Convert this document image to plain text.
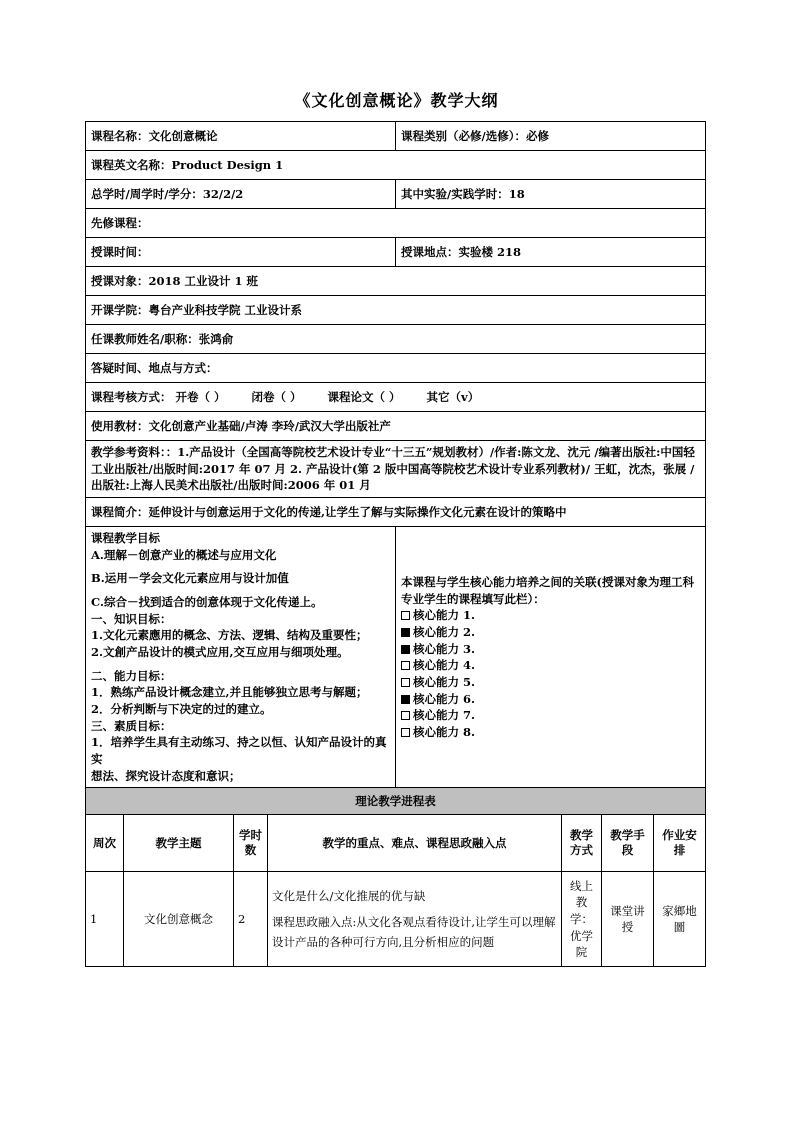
《文化创意概论》教学大纲
课程名称：文化创意概论	课程类别（必修/选修）：必修
课程英文名称：Product Design 1	
总学时/周学时/学分：32/2/2	其中实验/实践学时：18
先修课程：	
授课时间：	授课地点：实验楼 218
授课对象：2018 工业设计 1 班	
开课学院：粤台产业科技学院 工业设计系	
任课教师姓名/职称：张鸿俞	
答疑时间、地点与方式：	
课程考核方式： 开卷（ ） 闭卷（ ） 课程论文（ ） 其它（v）	
使用教材：文化创意产业基础/卢涛 李玲/武汉大学出版社产	
教学参考资料：：1.产品设计（全国高等院校艺术设计专业“十三五”规划教材）/作者:陈文龙、沈元 /编著出版社:中国轻工业出版社/出版时间:2017 年 07 月 2. 产品设计(第 2 版中国高等院校艺术设计专业系列教材)/ 王虹，沈杰，张展 /出版社:上海人民美术出版社/出版时间:2006 年 01 月	
课程简介：延伸设计与创意运用于文化的传递,让学生了解与实际操作文化元素在设计的策略中	

课程教学目标
A.理解－创意产业的概述与应用文化
B.运用－学会文化元素应用与设计加值
C.综合－找到适合的创意体现于文化传递上。
一、知识目标：
1.文化元素應用的概念、方法、逻辑、结构及重要性；
2.文創产品设计的模式应用,交互应用与细项处理。
二、能力目标：
1．熟练产品设计概念建立,并且能够独立思考与解题；
2．分析判断与下决定的过的建立。
三、素质目标：
1．培养学生具有主动练习、持之以恒、认知产品设计的真实
想法、探究设计态度和意识；

本课程与学生核心能力培养之间的关联(授课对象为理工科专业学生的课程填写此栏）：
核心能力 1.
核心能力 2.
核心能力 3.
核心能力 4.
核心能力 5.
核心能力 6.
核心能力 7.
核心能力 8.

理论教学进程表	
周次	教学主题	学时数	教学的重点、难点、课程思政融入点	教学方式	教学手段	作业安排
1	文化创意概念	2	文化是什么/文化推展的优与缺
课程思政融入点:从文化各观点看待设计,让学生可以理解设计产品的各种可行方向,且分析相应的问题	线上教学：优学院	课堂讲授	家鄉地圖
